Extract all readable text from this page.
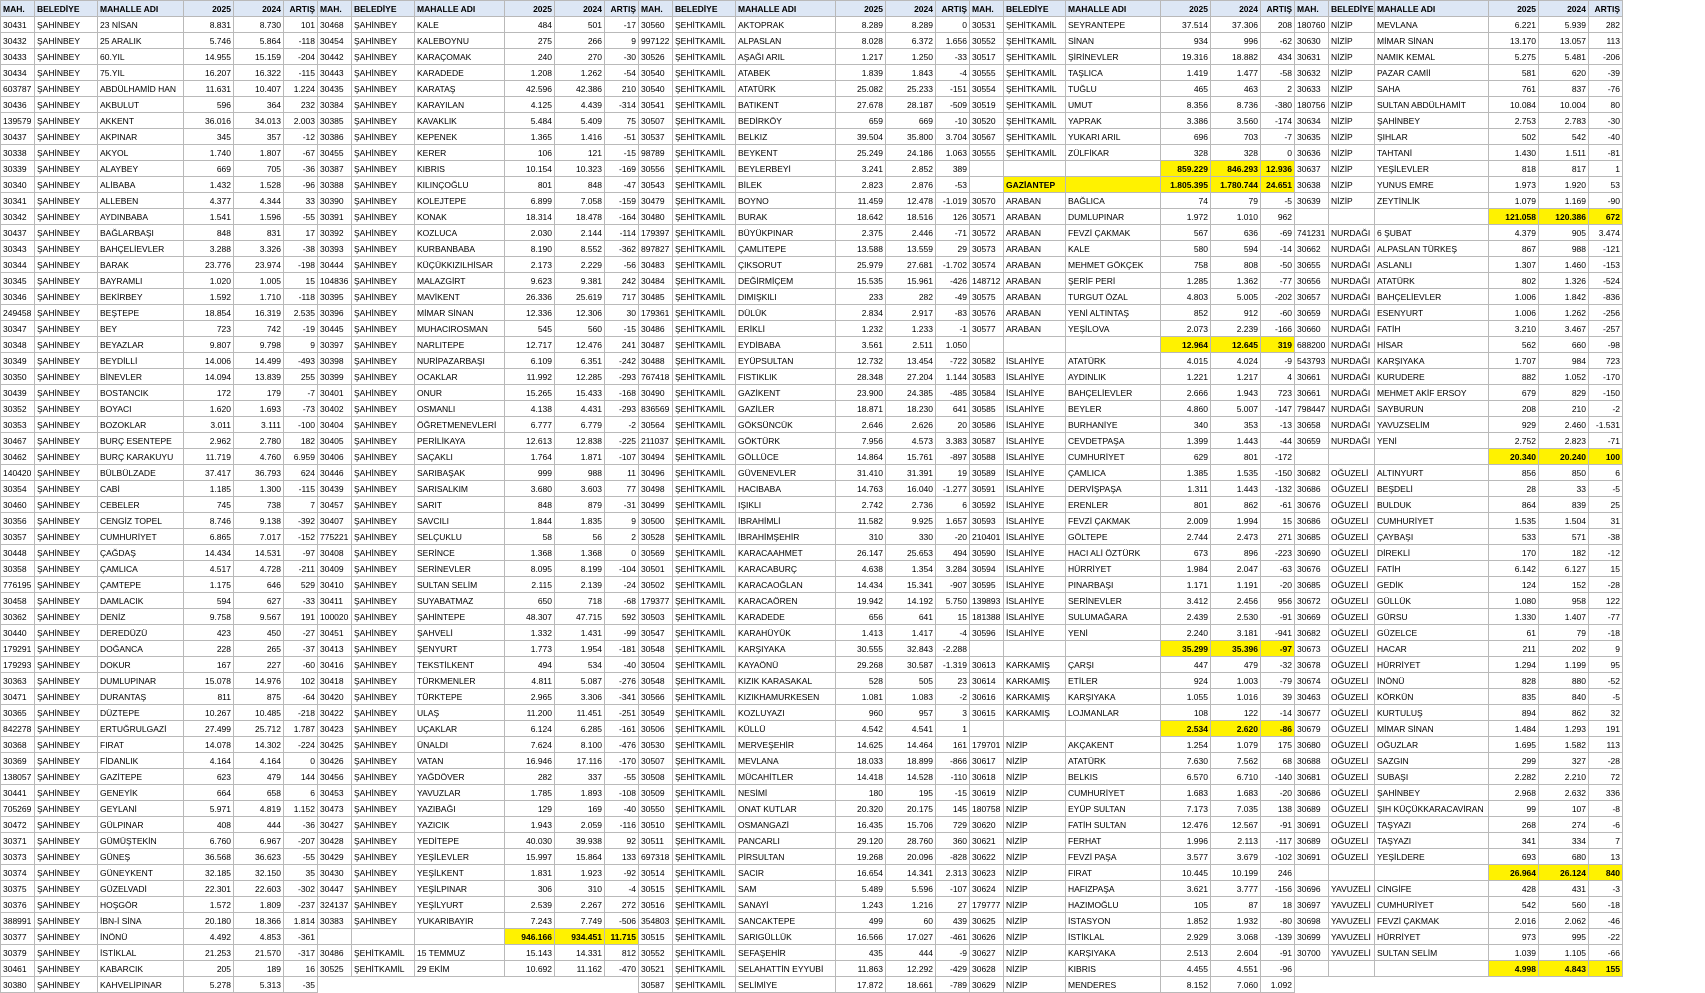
MAH.	BELEDİYE	MAHALLE ADI	2025	2024	ARTIŞ
30431	ŞAHİNBEY	23 NİSAN	8.831	8.730	101
30432	ŞAHİNBEY	25 ARALIK	5.746	5.864	-118
30433	ŞAHİNBEY	60.YIL	14.955	15.159	-204
30434	ŞAHİNBEY	75.YIL	16.207	16.322	-115
603787	ŞAHİNBEY	ABDÜLHAMİD HAN	11.631	10.407	1.224
30436	ŞAHİNBEY	AKBULUT	596	364	232
139579	ŞAHİNBEY	AKKENT	36.016	34.013	2.003
30437	ŞAHİNBEY	AKPINAR	345	357	-12
30338	ŞAHİNBEY	AKYOL	1.740	1.807	-67
30339	ŞAHİNBEY	ALAYBEY	669	705	-36
30340	ŞAHİNBEY	ALİBABA	1.432	1.528	-96
30341	ŞAHİNBEY	ALLEBEN	4.377	4.344	33
30342	ŞAHİNBEY	AYDINBABA	1.541	1.596	-55
30437	ŞAHİNBEY	BAĞLARBAŞI	848	831	17
30343	ŞAHİNBEY	BAHÇELİEVLER	3.288	3.326	-38
30344	ŞAHİNBEY	BARAK	23.776	23.974	-198
30345	ŞAHİNBEY	BAYRAMLI	1.020	1.005	15
30346	ŞAHİNBEY	BEKİRBEY	1.592	1.710	-118
249458	ŞAHİNBEY	BEŞTEPE	18.854	16.319	2.535
30347	ŞAHİNBEY	BEY	723	742	-19
30348	ŞAHİNBEY	BEYAZLAR	9.807	9.798	9
30349	ŞAHİNBEY	BEYDİLLİ	14.006	14.499	-493
30350	ŞAHİNBEY	BİNEVLER	14.094	13.839	255
30439	ŞAHİNBEY	BOSTANCIK	172	179	-7
30352	ŞAHİNBEY	BOYACI	1.620	1.693	-73
30353	ŞAHİNBEY	BOZOKLAR	3.011	3.111	-100
30467	ŞAHİNBEY	BURÇ ESENTEPE	2.962	2.780	182
30462	ŞAHİNBEY	BURÇ KARAKUYU	11.719	4.760	6.959
140420	ŞAHİNBEY	BÜLBÜLZADE	37.417	36.793	624
30354	ŞAHİNBEY	CABİ	1.185	1.300	-115
30460	ŞAHİNBEY	CEBELER	745	738	7
30356	ŞAHİNBEY	CENGİZ TOPEL	8.746	9.138	-392
30357	ŞAHİNBEY	CUMHURİYET	6.865	7.017	-152
30448	ŞAHİNBEY	ÇAĞDAŞ	14.434	14.531	-97
30358	ŞAHİNBEY	ÇAMLICA	4.517	4.728	-211
776195	ŞAHİNBEY	ÇAMTEPE	1.175	646	529
30458	ŞAHİNBEY	DAMLACIK	594	627	-33
30362	ŞAHİNBEY	DENİZ	9.758	9.567	191
30440	ŞAHİNBEY	DEREDÜZÜ	423	450	-27
179291	ŞAHİNBEY	DOĞANCA	228	265	-37
179293	ŞAHİNBEY	DOKUR	167	227	-60
30363	ŞAHİNBEY	DUMLUPINAR	15.078	14.976	102
30471	ŞAHİNBEY	DURANTAŞ	811	875	-64
30365	ŞAHİNBEY	DÜZTEPE	10.267	10.485	-218
842278	ŞAHİNBEY	ERTUĞRULGAZİ	27.499	25.712	1.787
30368	ŞAHİNBEY	FIRAT	14.078	14.302	-224
30369	ŞAHİNBEY	FİDANLIK	4.164	4.164	0
138057	ŞAHİNBEY	GAZİTEPE	623	479	144
30441	ŞAHİNBEY	GENEYİK	664	658	6
705269	ŞAHİNBEY	GEYLANİ	5.971	4.819	1.152
30472	ŞAHİNBEY	GÜLPINAR	408	444	-36
30371	ŞAHİNBEY	GÜMÜŞTEKİN	6.760	6.967	-207
30373	ŞAHİNBEY	GÜNEŞ	36.568	36.623	-55
30374	ŞAHİNBEY	GÜNEYKENT	32.185	32.150	35
30375	ŞAHİNBEY	GÜZELVADİ	22.301	22.603	-302
30376	ŞAHİNBEY	HOŞGÖR	1.572	1.809	-237
388991	ŞAHİNBEY	İBN-İ SİNA	20.180	18.366	1.814
30377	ŞAHİNBEY	İNÖNÜ	4.492	4.853	-361
30379	ŞAHİNBEY	İSTİKLAL	21.253	21.570	-317
30461	ŞAHİNBEY	KABARCIK	205	189	16
30380	ŞAHİNBEY	KAHVELİPINAR	5.278	5.313	-35
MAH.	BELEDİYE	MAHALLE ADI	2025	2024	ARTIŞ
30468	ŞAHİNBEY	KALE	484	501	-17
30454	ŞAHİNBEY	KALEBOYNU	275	266	9
30442	ŞAHİNBEY	KARAÇOMAK	240	270	-30
30443	ŞAHİNBEY	KARADEDE	1.208	1.262	-54
30435	ŞAHİNBEY	KARATAŞ	42.596	42.386	210
30384	ŞAHİNBEY	KARAYILAN	4.125	4.439	-314
30385	ŞAHİNBEY	KAVAKLIK	5.484	5.409	75
30386	ŞAHİNBEY	KEPENEK	1.365	1.416	-51
30455	ŞAHİNBEY	KERER	106	121	-15
30387	ŞAHİNBEY	KIBRIS	10.154	10.323	-169
30388	ŞAHİNBEY	KILINÇOĞLU	801	848	-47
30390	ŞAHİNBEY	KOLEJTEPE	6.899	7.058	-159
30391	ŞAHİNBEY	KONAK	18.314	18.478	-164
30392	ŞAHİNBEY	KOZLUCA	2.030	2.144	-114
30393	ŞAHİNBEY	KURBANBABA	8.190	8.552	-362
30444	ŞAHİNBEY	KÜÇÜKKIZILHİSAR	2.173	2.229	-56
104836	ŞAHİNBEY	MALAZGİRT	9.623	9.381	242
30395	ŞAHİNBEY	MAVİKENT	26.336	25.619	717
30396	ŞAHİNBEY	MİMAR SİNAN	12.336	12.306	30
30445	ŞAHİNBEY	MUHACIROSMAN	545	560	-15
30397	ŞAHİNBEY	NARLITEPE	12.717	12.476	241
30398	ŞAHİNBEY	NURİPAZARBAŞI	6.109	6.351	-242
30399	ŞAHİNBEY	OCAKLAR	11.992	12.285	-293
30401	ŞAHİNBEY	ONUR	15.265	15.433	-168
30402	ŞAHİNBEY	OSMANLI	4.138	4.431	-293
30404	ŞAHİNBEY	ÖĞRETMENEVLERİ	6.777	6.779	-2
30405	ŞAHİNBEY	PERİLİKAYA	12.613	12.838	-225
30406	ŞAHİNBEY	SAÇAKLI	1.764	1.871	-107
30446	ŞAHİNBEY	SARIBAŞAK	999	988	11
30439	ŞAHİNBEY	SARISALKIM	3.680	3.603	77
30457	ŞAHİNBEY	SARIT	848	879	-31
30407	ŞAHİNBEY	SAVCILI	1.844	1.835	9
775221	ŞAHİNBEY	SELÇUKLU	58	56	2
30408	ŞAHİNBEY	SERİNCE	1.368	1.368	0
30409	ŞAHİNBEY	SERİNEVLER	8.095	8.199	-104
30410	ŞAHİNBEY	SULTAN SELİM	2.115	2.139	-24
30411	ŞAHİNBEY	SUYABATMAZ	650	718	-68
100020	ŞAHİNBEY	ŞAHİNTEPE	48.307	47.715	592
30451	ŞAHİNBEY	ŞAHVELİ	1.332	1.431	-99
30413	ŞAHİNBEY	ŞENYURT	1.773	1.954	-181
30416	ŞAHİNBEY	TEKSTİLKENT	494	534	-40
30418	ŞAHİNBEY	TÜRKMENLER	4.811	5.087	-276
30420	ŞAHİNBEY	TÜRKTEPE	2.965	3.306	-341
30422	ŞAHİNBEY	ULAŞ	11.200	11.451	-251
30423	ŞAHİNBEY	UÇAKLAR	6.124	6.285	-161
30425	ŞAHİNBEY	ÜNALDI	7.624	8.100	-476
30426	ŞAHİNBEY	VATAN	16.946	17.116	-170
30456	ŞAHİNBEY	YAĞDÖVER	282	337	-55
30453	ŞAHİNBEY	YAVUZLAR	1.785	1.893	-108
30473	ŞAHİNBEY	YAZIBAĞI	129	169	-40
30427	ŞAHİNBEY	YAZICIK	1.943	2.059	-116
30428	ŞAHİNBEY	YEDİTEPE	40.030	39.938	92
30429	ŞAHİNBEY	YEŞİLEVLER	15.997	15.864	133
30430	ŞAHİNBEY	YEŞİLKENT	1.831	1.923	-92
30447	ŞAHİNBEY	YEŞİLPINAR	306	310	-4
324137	ŞAHİNBEY	YEŞİLYURT	2.539	2.267	272
30383	ŞAHİNBEY	YUKARIBAYIR	7.243	7.749	-506
			946.166	934.451	11.715
30486	ŞEHİTKAMİL	15 TEMMUZ	15.143	14.331	812
30525	ŞEHİTKAMİL	29 EKİM	10.692	11.162	-470
MAH.	BELEDİYE	MAHALLE ADI	2025	2024	ARTIŞ
30560	ŞEHİTKAMİL	AKTOPRAK	8.289	8.289	0
997122	ŞEHİTKAMİL	ALPASLAN	8.028	6.372	1.656
30526	ŞEHİTKAMİL	AŞAĞI ARIL	1.217	1.250	-33
30540	ŞEHİTKAMİL	ATABEK	1.839	1.843	-4
30540	ŞEHİTKAMİL	ATATÜRK	25.082	25.233	-151
30541	ŞEHİTKAMİL	BATIKENT	27.678	28.187	-509
30507	ŞEHİTKAMİL	BEDİRKÖY	659	669	-10
30537	ŞEHİTKAMİL	BELKIZ	39.504	35.800	3.704
98789	ŞEHİTKAMİL	BEYKENT	25.249	24.186	1.063
30556	ŞEHİTKAMİL	BEYLERBEYİ	3.241	2.852	389
30543	ŞEHİTKAMİL	BİLEK	2.823	2.876	-53
30479	ŞEHİTKAMİL	BOYNO	11.459	12.478	-1.019
30480	ŞEHİTKAMİL	BURAK	18.642	18.516	126
179397	ŞEHİTKAMİL	BÜYÜKPINAR	2.375	2.446	-71
897827	ŞEHİTKAMİL	ÇAMLITEPE	13.588	13.559	29
30483	ŞEHİTKAMİL	ÇIKSORUT	25.979	27.681	-1.702
30484	ŞEHİTKAMİL	DEĞİRMİÇEM	15.535	15.961	-426
30485	ŞEHİTKAMİL	DIMIŞKILI	233	282	-49
179361	ŞEHİTKAMİL	DÜLÜK	2.834	2.917	-83
30486	ŞEHİTKAMİL	ERİKLİ	1.232	1.233	-1
30487	ŞEHİTKAMİL	EYDİBABA	3.561	2.511	1.050
30488	ŞEHİTKAMİL	EYÜPSULTAN	12.732	13.454	-722
767418	ŞEHİTKAMİL	FISTIKLIK	28.348	27.204	1.144
30490	ŞEHİTKAMİL	GAZİKENT	23.900	24.385	-485
836569	ŞEHİTKAMİL	GAZİLER	18.871	18.230	641
30564	ŞEHİTKAMİL	GÖKSÜNCÜK	2.646	2.626	20
211037	ŞEHİTKAMİL	GÖKTÜRK	7.956	4.573	3.383
30494	ŞEHİTKAMİL	GÖLLÜCE	14.864	15.761	-897
30496	ŞEHİTKAMİL	GÜVENEVLER	31.410	31.391	19
30498	ŞEHİTKAMİL	HACIBABA	14.763	16.040	-1.277
30499	ŞEHİTKAMİL	IŞIKLI	2.742	2.736	6
30500	ŞEHİTKAMİL	İBRAHİMLİ	11.582	9.925	1.657
30528	ŞEHİTKAMİL	İBRAHİMŞEHİR	310	330	-20
30569	ŞEHİTKAMİL	KARACAAHMET	26.147	25.653	494
30501	ŞEHİTKAMİL	KARACABURÇ	4.638	1.354	3.284
30502	ŞEHİTKAMİL	KARACAOĞLAN	14.434	15.341	-907
179377	ŞEHİTKAMİL	KARACAÖREN	19.942	14.192	5.750
30503	ŞEHİTKAMİL	KARADEDE	656	641	15
30547	ŞEHİTKAMİL	KARAHÜYÜK	1.413	1.417	-4
30548	ŞEHİTKAMİL	KARŞIYAKA	30.555	32.843	-2.288
30504	ŞEHİTKAMİL	KAYAÖNÜ	29.268	30.587	-1.319
30548	ŞEHİTKAMİL	KIZIK KARASAKAL	528	505	23
30566	ŞEHİTKAMİL	KIZIKHAMURKESEN	1.081	1.083	-2
30549	ŞEHİTKAMİL	KOZLUYAZI	960	957	3
30506	ŞEHİTKAMİL	KÜLLÜ	4.542	4.541	1
30530	ŞEHİTKAMİL	MERVEŞEHİR	14.625	14.464	161
30507	ŞEHİTKAMİL	MEVLANA	18.033	18.899	-866
30508	ŞEHİTKAMİL	MÜCAHİTLER	14.418	14.528	-110
30509	ŞEHİTKAMİL	NESİMİ	180	195	-15
30550	ŞEHİTKAMİL	ONAT KUTLAR	20.320	20.175	145
30510	ŞEHİTKAMİL	OSMANGAZİ	16.435	15.706	729
30511	ŞEHİTKAMİL	PANCARLI	29.120	28.760	360
697318	ŞEHİTKAMİL	PİRSULTAN	19.268	20.096	-828
30514	ŞEHİTKAMİL	SACIR	16.654	14.341	2.313
30515	ŞEHİTKAMİL	SAM	5.489	5.596	-107
30516	ŞEHİTKAMİL	SANAYİ	1.243	1.216	27
354803	ŞEHİTKAMİL	SANCAKTEPE	499	60	439
30515	ŞEHİTKAMİL	SARIGÜLLÜK	16.566	17.027	-461
30552	ŞEHİTKAMİL	SEFAŞEHİR	435	444	-9
30521	ŞEHİTKAMİL	SELAHATTİN EYYUBİ	11.863	12.292	-429
30587	ŞEHİTKAMİL	SELİMİYE	17.872	18.661	-789
MAH.	BELEDİYE	MAHALLE ADI	2025	2024	ARTIŞ
30531	ŞEHİTKAMİL	SEYRANTEPE	37.514	37.306	208
30552	ŞEHİTKAMİL	SİNAN	934	996	-62
30517	ŞEHİTKAMİL	ŞİRİNEVLER	19.316	18.882	434
30555	ŞEHİTKAMİL	TAŞLICA	1.419	1.477	-58
30554	ŞEHİTKAMİL	TUĞLU	465	463	2
30519	ŞEHİTKAMİL	UMUT	8.356	8.736	-380
30520	ŞEHİTKAMİL	YAPRAK	3.386	3.560	-174
30567	ŞEHİTKAMİL	YUKARI ARIL	696	703	-7
30555	ŞEHİTKAMİL	ZÜLFİKAR	328	328	0
			859.229	846.293	12.936
	GAZİANTEP		1.805.395	1.780.744	24.651
30570	ARABAN	BAĞLICA	74	79	-5
30571	ARABAN	DUMLUPINAR	1.972	1.010	962
30572	ARABAN	FEVZİ ÇAKMAK	567	636	-69
30573	ARABAN	KALE	580	594	-14
30574	ARABAN	MEHMET GÖKÇEK	758	808	-50
148712	ARABAN	ŞERİF PERİ	1.285	1.362	-77
30575	ARABAN	TURGUT ÖZAL	4.803	5.005	-202
30576	ARABAN	YENİ ALTINTAŞ	852	912	-60
30577	ARABAN	YEŞİLOVA	2.073	2.239	-166
			12.964	12.645	319
30582	İSLAHİYE	ATATÜRK	4.015	4.024	-9
30583	İSLAHİYE	AYDINLIK	1.221	1.217	4
30584	İSLAHİYE	BAHÇELİEVLER	2.666	1.943	723
30585	İSLAHİYE	BEYLER	4.860	5.007	-147
30586	İSLAHİYE	BURHANİYE	340	353	-13
30587	İSLAHİYE	CEVDETPAŞA	1.399	1.443	-44
30588	İSLAHİYE	CUMHURİYET	629	801	-172
30589	İSLAHİYE	ÇAMLICA	1.385	1.535	-150
30591	İSLAHİYE	DERVİŞPAŞA	1.311	1.443	-132
30592	İSLAHİYE	ERENLER	801	862	-61
30593	İSLAHİYE	FEVZİ ÇAKMAK	2.009	1.994	15
210401	İSLAHİYE	GÖLTEPE	2.744	2.473	271
30590	İSLAHİYE	HACI ALİ ÖZTÜRK	673	896	-223
30594	İSLAHİYE	HÜRRİYET	1.984	2.047	-63
30595	İSLAHİYE	PINARBAŞI	1.171	1.191	-20
139893	İSLAHİYE	SERİNEVLER	3.412	2.456	956
181388	İSLAHİYE	SULUMAĞARA	2.439	2.530	-91
30596	İSLAHİYE	YENİ	2.240	3.181	-941
			35.299	35.396	-97
30613	KARKAMIŞ	ÇARŞI	447	479	-32
30614	KARKAMIŞ	ETİLER	924	1.003	-79
30616	KARKAMIŞ	KARŞIYAKA	1.055	1.016	39
30615	KARKAMIŞ	LOJMANLAR	108	122	-14
			2.534	2.620	-86
179701	NİZİP	AKÇAKENT	1.254	1.079	175
30617	NİZİP	ATATÜRK	7.630	7.562	68
30618	NİZİP	BELKIS	6.570	6.710	-140
30619	NİZİP	CUMHURİYET	1.683	1.683	-20
180758	NİZİP	EYÜP SULTAN	7.173	7.035	138
30620	NİZİP	FATİH SULTAN	12.476	12.567	-91
30621	NİZİP	FERHAT	1.996	2.113	-117
30622	NİZİP	FEVZİ PAŞA	3.577	3.679	-102
30623	NİZİP	FIRAT	10.445	10.199	246
30624	NİZİP	HAFIZPAŞA	3.621	3.777	-156
179777	NİZİP	HAZIMOĞLU	105	87	18
30625	NİZİP	İSTASYON	1.852	1.932	-80
30626	NİZİP	İSTİKLAL	2.929	3.068	-139
30627	NİZİP	KARŞIYAKA	2.513	2.604	-91
30628	NİZİP	KIBRIS	4.455	4.551	-96
30629	NİZİP	MENDERES	8.152	7.060	1.092
MAH.	BELEDİYE	MAHALLE ADI	2025	2024	ARTIŞ
180760	NİZİP	MEVLANA	6.221	5.939	282
30630	NİZİP	MİMAR SİNAN	13.170	13.057	113
30631	NİZİP	NAMIK KEMAL	5.275	5.481	-206
30632	NİZİP	PAZAR CAMİİ	581	620	-39
30633	NİZİP	SAHA	761	837	-76
180756	NİZİP	SULTAN ABDÜLHAMİT	10.084	10.004	80
30634	NİZİP	ŞAHİNBEY	2.753	2.783	-30
30635	NİZİP	ŞIHLAR	502	542	-40
30636	NİZİP	TAHTANİ	1.430	1.511	-81
30637	NİZİP	YEŞİLEVLER	818	817	1
30638	NİZİP	YUNUS EMRE	1.973	1.920	53
30639	NİZİP	ZEYTİNLİK	1.079	1.169	-90
			121.058	120.386	672
741231	NURDAĞI	6 ŞUBAT	4.379	905	3.474
30662	NURDAĞI	ALPASLAN TÜRKEŞ	867	988	-121
30655	NURDAĞI	ASLANLI	1.307	1.460	-153
30656	NURDAĞI	ATATÜRK	802	1.326	-524
30657	NURDAĞI	BAHÇELİEVLER	1.006	1.842	-836
30659	NURDAĞI	ESENYURT	1.006	1.262	-256
30660	NURDAĞI	FATİH	3.210	3.467	-257
688200	NURDAĞI	HİSAR	562	660	-98
543793	NURDAĞI	KARŞIYAKA	1.707	984	723
30661	NURDAĞI	KURUDERE	882	1.052	-170
30661	NURDAĞI	MEHMET AKİF ERSOY	679	829	-150
798447	NURDAĞI	SAYBURUN	208	210	-2
30658	NURDAĞI	YAVUZSELİM	929	2.460	-1.531
30659	NURDAĞI	YENİ	2.752	2.823	-71
			20.340	20.240	100
30682	OĞUZELİ	ALTINYURT	856	850	6
30686	OĞUZELİ	BEŞDELİ	28	33	-5
30676	OĞUZELİ	BULDUK	864	839	25
30686	OĞUZELİ	CUMHURİYET	1.535	1.504	31
30685	OĞUZELİ	ÇAYBAŞI	533	571	-38
30690	OĞUZELİ	DİREKLİ	170	182	-12
30676	OĞUZELİ	FATİH	6.142	6.127	15
30685	OĞUZELİ	GEDİK	124	152	-28
30672	OĞUZELİ	GÜLLÜK	1.080	958	122
30669	OĞUZELİ	GÜRSU	1.330	1.407	-77
30682	OĞUZELİ	GÜZELCE	61	79	-18
30673	OĞUZELİ	HACAR	211	202	9
30678	OĞUZELİ	HÜRRİYET	1.294	1.199	95
30674	OĞUZELİ	İNÖNÜ	828	880	-52
30463	OĞUZELİ	KÖRKÜN	835	840	-5
30677	OĞUZELİ	KURTULUŞ	894	862	32
30679	OĞUZELİ	MİMAR SİNAN	1.484	1.293	191
30680	OĞUZELİ	OĞUZLAR	1.695	1.582	113
30688	OĞUZELİ	SAZGIN	299	327	-28
30681	OĞUZELİ	SUBAŞI	2.282	2.210	72
30686	OĞUZELİ	ŞAHİNBEY	2.968	2.632	336
30689	OĞUZELİ	ŞIH KÜÇÜKKARACAVİRAN	99	107	-8
30691	OĞUZELİ	TAŞYAZI	268	274	-6
30689	OĞUZELİ	TAŞYAZI	341	334	7
30691	OĞUZELİ	YEŞİLDERE	693	680	13
			26.964	26.124	840
30696	YAVUZELİ	CİNGİFE	428	431	-3
30697	YAVUZELİ	CUMHURİYET	542	560	-18
30698	YAVUZELİ	FEVZİ ÇAKMAK	2.016	2.062	-46
30699	YAVUZELİ	HÜRRİYET	973	995	-22
30700	YAVUZELİ	SULTAN SELİM	1.039	1.105	-66
			4.998	4.843	155
